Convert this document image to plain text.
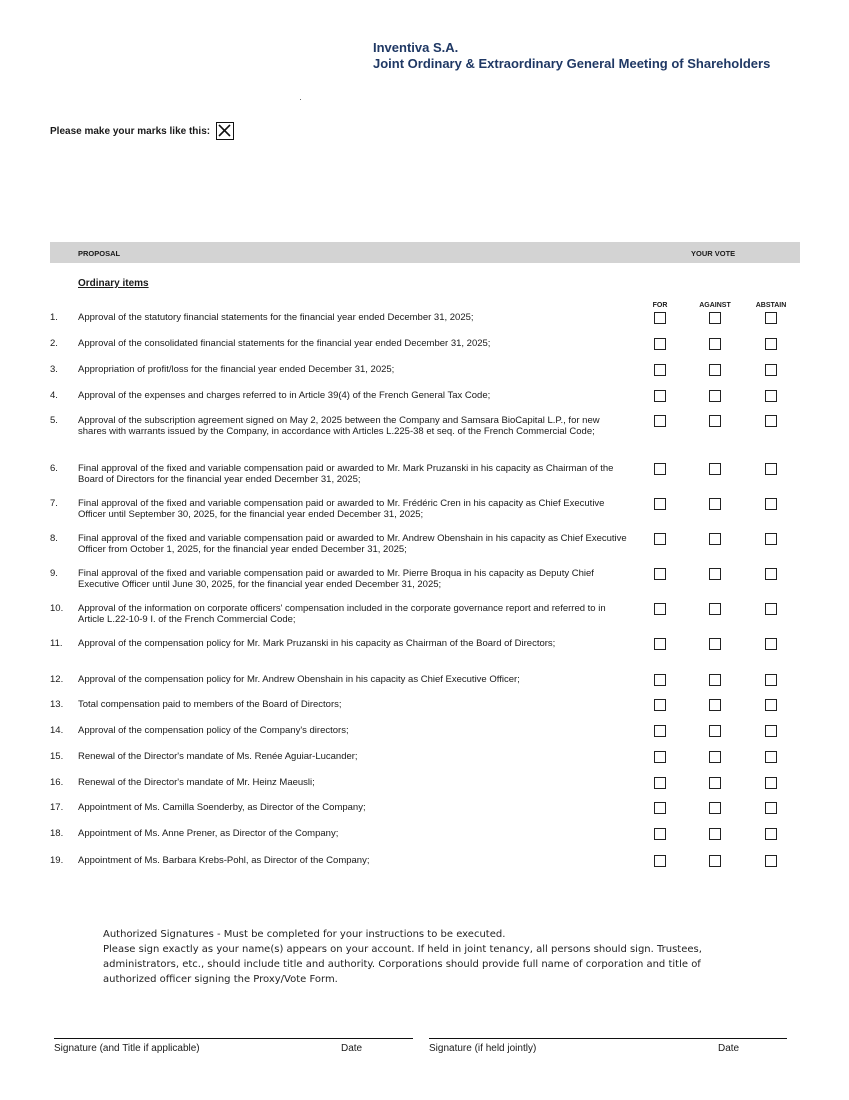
Inventiva S.A.
Joint Ordinary & Extraordinary General Meeting of Shareholders
Please make your marks like this:
PROPOSAL	YOUR VOTE
Ordinary items
FOR	AGAINST	ABSTAIN
1. Approval of the statutory financial statements for the financial year ended December 31, 2025;
2. Approval of the consolidated financial statements for the financial year ended December 31, 2025;
3. Appropriation of profit/loss for the financial year ended December 31, 2025;
4. Approval of the expenses and charges referred to in Article 39(4) of the French General Tax Code;
5. Approval of the subscription agreement signed on May 2, 2025 between the Company and Samsara BioCapital L.P., for new shares with warrants issued by the Company, in accordance with Articles L.225-38 et seq. of the French Commercial Code;
6. Final approval of the fixed and variable compensation paid or awarded to Mr. Mark Pruzanski in his capacity as Chairman of the Board of Directors for the financial year ended December 31, 2025;
7. Final approval of the fixed and variable compensation paid or awarded to Mr. Frédéric Cren in his capacity as Chief Executive Officer until September 30, 2025, for the financial year ended December 31, 2025;
8. Final approval of the fixed and variable compensation paid or awarded to Mr. Andrew Obenshain in his capacity as Chief Executive Officer from October 1, 2025, for the financial year ended December 31, 2025;
9. Final approval of the fixed and variable compensation paid or awarded to Mr. Pierre Broqua in his capacity as Deputy Chief Executive Officer until June 30, 2025, for the financial year ended December 31, 2025;
10. Approval of the information on corporate officers' compensation included in the corporate governance report and referred to in Article L.22-10-9 I. of the French Commercial Code;
11. Approval of the compensation policy for Mr. Mark Pruzanski in his capacity as Chairman of the Board of Directors;
12. Approval of the compensation policy for Mr. Andrew Obenshain in his capacity as Chief Executive Officer;
13. Total compensation paid to members of the Board of Directors;
14. Approval of the compensation policy of the Company's directors;
15. Renewal of the Director's mandate of Ms. Renée Aguiar-Lucander;
16. Renewal of the Director's mandate of Mr. Heinz Maeusli;
17. Appointment of Ms. Camilla Soenderby, as Director of the Company;
18. Appointment of Ms. Anne Prener, as Director of the Company;
19. Appointment of Ms. Barbara Krebs-Pohl, as Director of the Company;
Authorized Signatures - Must be completed for your instructions to be executed.
Please sign exactly as your name(s) appears on your account. If held in joint tenancy, all persons should sign. Trustees, administrators, etc., should include title and authority. Corporations should provide full name of corporation and title of authorized officer signing the Proxy/Vote Form.
Signature (and Title if applicable)	Date	Signature (if held jointly)	Date
